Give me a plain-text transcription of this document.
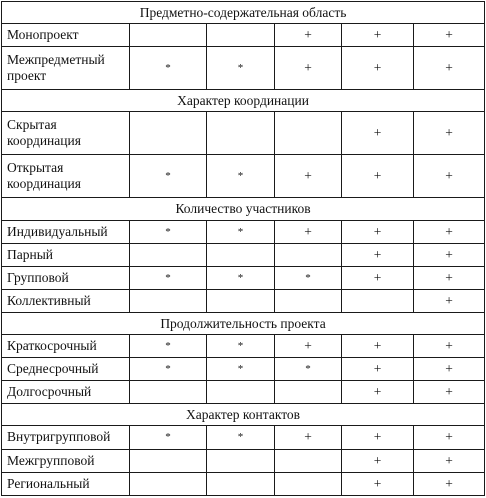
Предметно-содержательная область					
Монопроект			+	+	+
Межпредметный проект	*	*	+	+	+
Характер координации					
Скрытая координация				+	+
Открытая координация	*	*	+	+	+
Количество участников					
Индивидуальный	*	*	+	+	+
Парный				+	+
Групповой	*	*	*	+	+
Коллективный					+
Продолжительность проекта					
Краткосрочный	*	*	+	+	+
Среднесрочный	*	*	*	+	+
Долгосрочный				+	+
Характер контактов					
Внутригрупповой	*	*	+	+	+
Межгрупповой				+	+
Региональный				+	+
